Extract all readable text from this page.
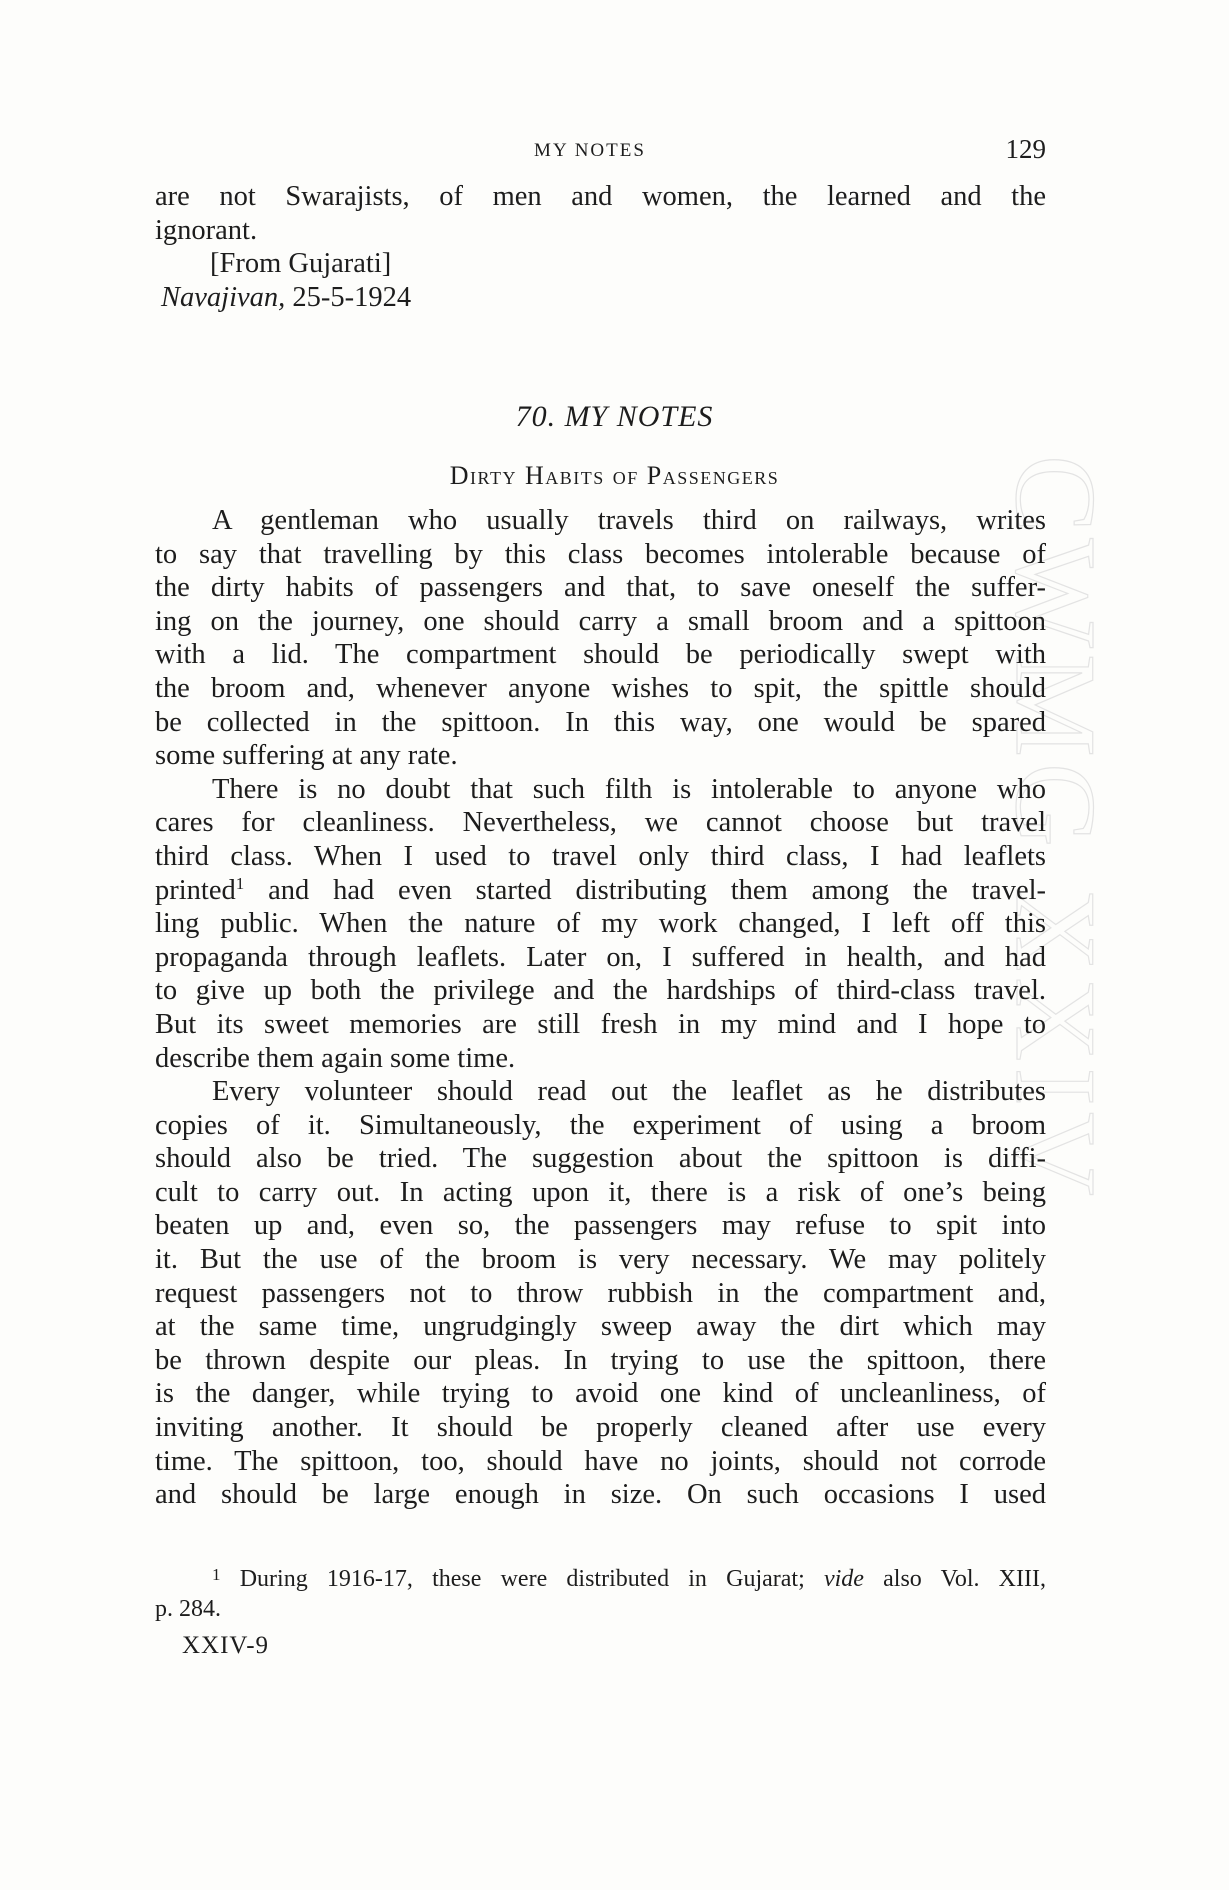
CWMG XXIV
MY NOTES	129
are not Swarajists, of men and women, the learned and the
ignorant.
[From Gujarati]
Navajivan, 25-5-1924
70. MY NOTES
Dirty Habits of Passengers
A gentleman who usually travels third on railways, writes
to say that travelling by this class becomes intolerable because of
the dirty habits of passengers and that, to save oneself the suffer-
ing on the journey, one should carry a small broom and a spittoon
with a lid. The compartment should be periodically swept with
the broom and, whenever anyone wishes to spit, the spittle should
be collected in the spittoon. In this way, one would be spared
some suffering at any rate.
There is no doubt that such filth is intolerable to anyone who
cares for cleanliness. Nevertheless, we cannot choose but travel
third class. When I used to travel only third class, I had leaflets
printed$^1$ and had even started distributing them among the travel-
ling public. When the nature of my work changed, I left off this
propaganda through leaflets. Later on, I suffered in health, and had
to give up both the privilege and the hardships of third-class travel.
But its sweet memories are still fresh in my mind and I hope to
describe them again some time.
Every volunteer should read out the leaflet as he distributes
copies of it. Simultaneously, the experiment of using a broom
should also be tried. The suggestion about the spittoon is diffi-
cult to carry out. In acting upon it, there is a risk of one’s being
beaten up and, even so, the passengers may refuse to spit into
it. But the use of the broom is very necessary. We may politely
request passengers not to throw rubbish in the compartment and,
at the same time, ungrudgingly sweep away the dirt which may
be thrown despite our pleas. In trying to use the spittoon, there
is the danger, while trying to avoid one kind of uncleanliness, of
inviting another. It should be properly cleaned after use every
time. The spittoon, too, should have no joints, should not corrode
and should be large enough in size. On such occasions I used
$^1$ During 1916-17, these were distributed in Gujarat; vide also Vol. XIII,
p. 284.
XXIV-9
